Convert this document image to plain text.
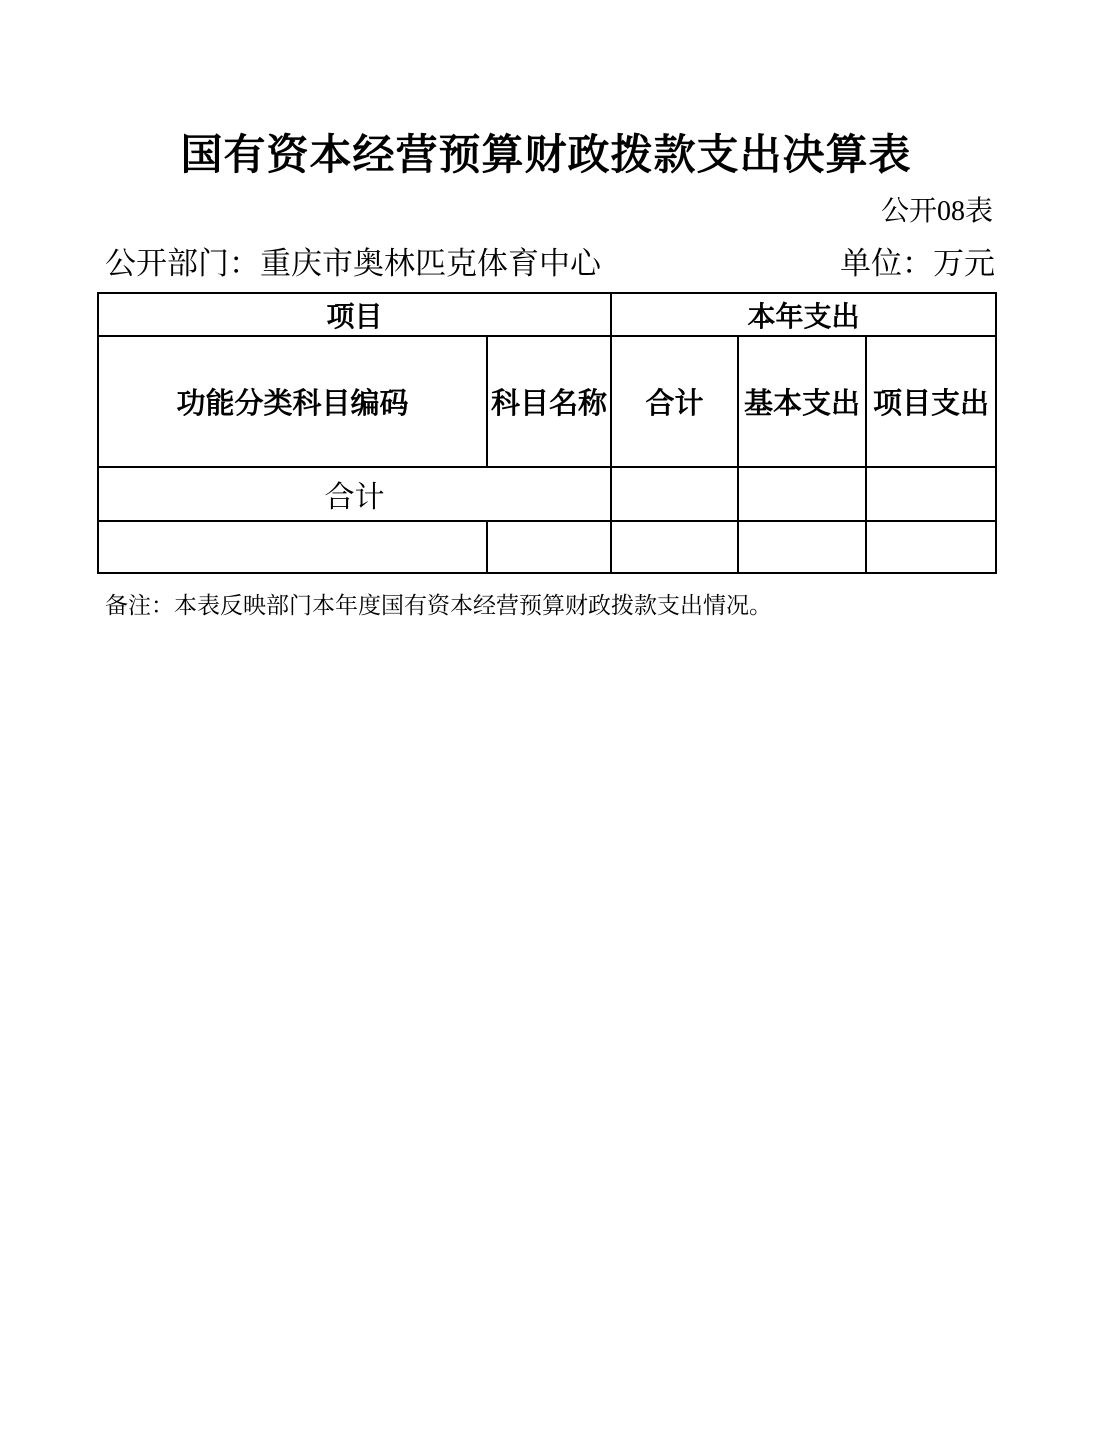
国有资本经营预算财政拨款支出决算表
公开08表
公开部门：重庆市奥林匹克体育中心	单位：万元
项目		本年支出		
功能分类科目编码	科目名称	合计	基本支出	项目支出
合计				

备注：本表反映部门本年度国有资本经营预算财政拨款支出情况。
